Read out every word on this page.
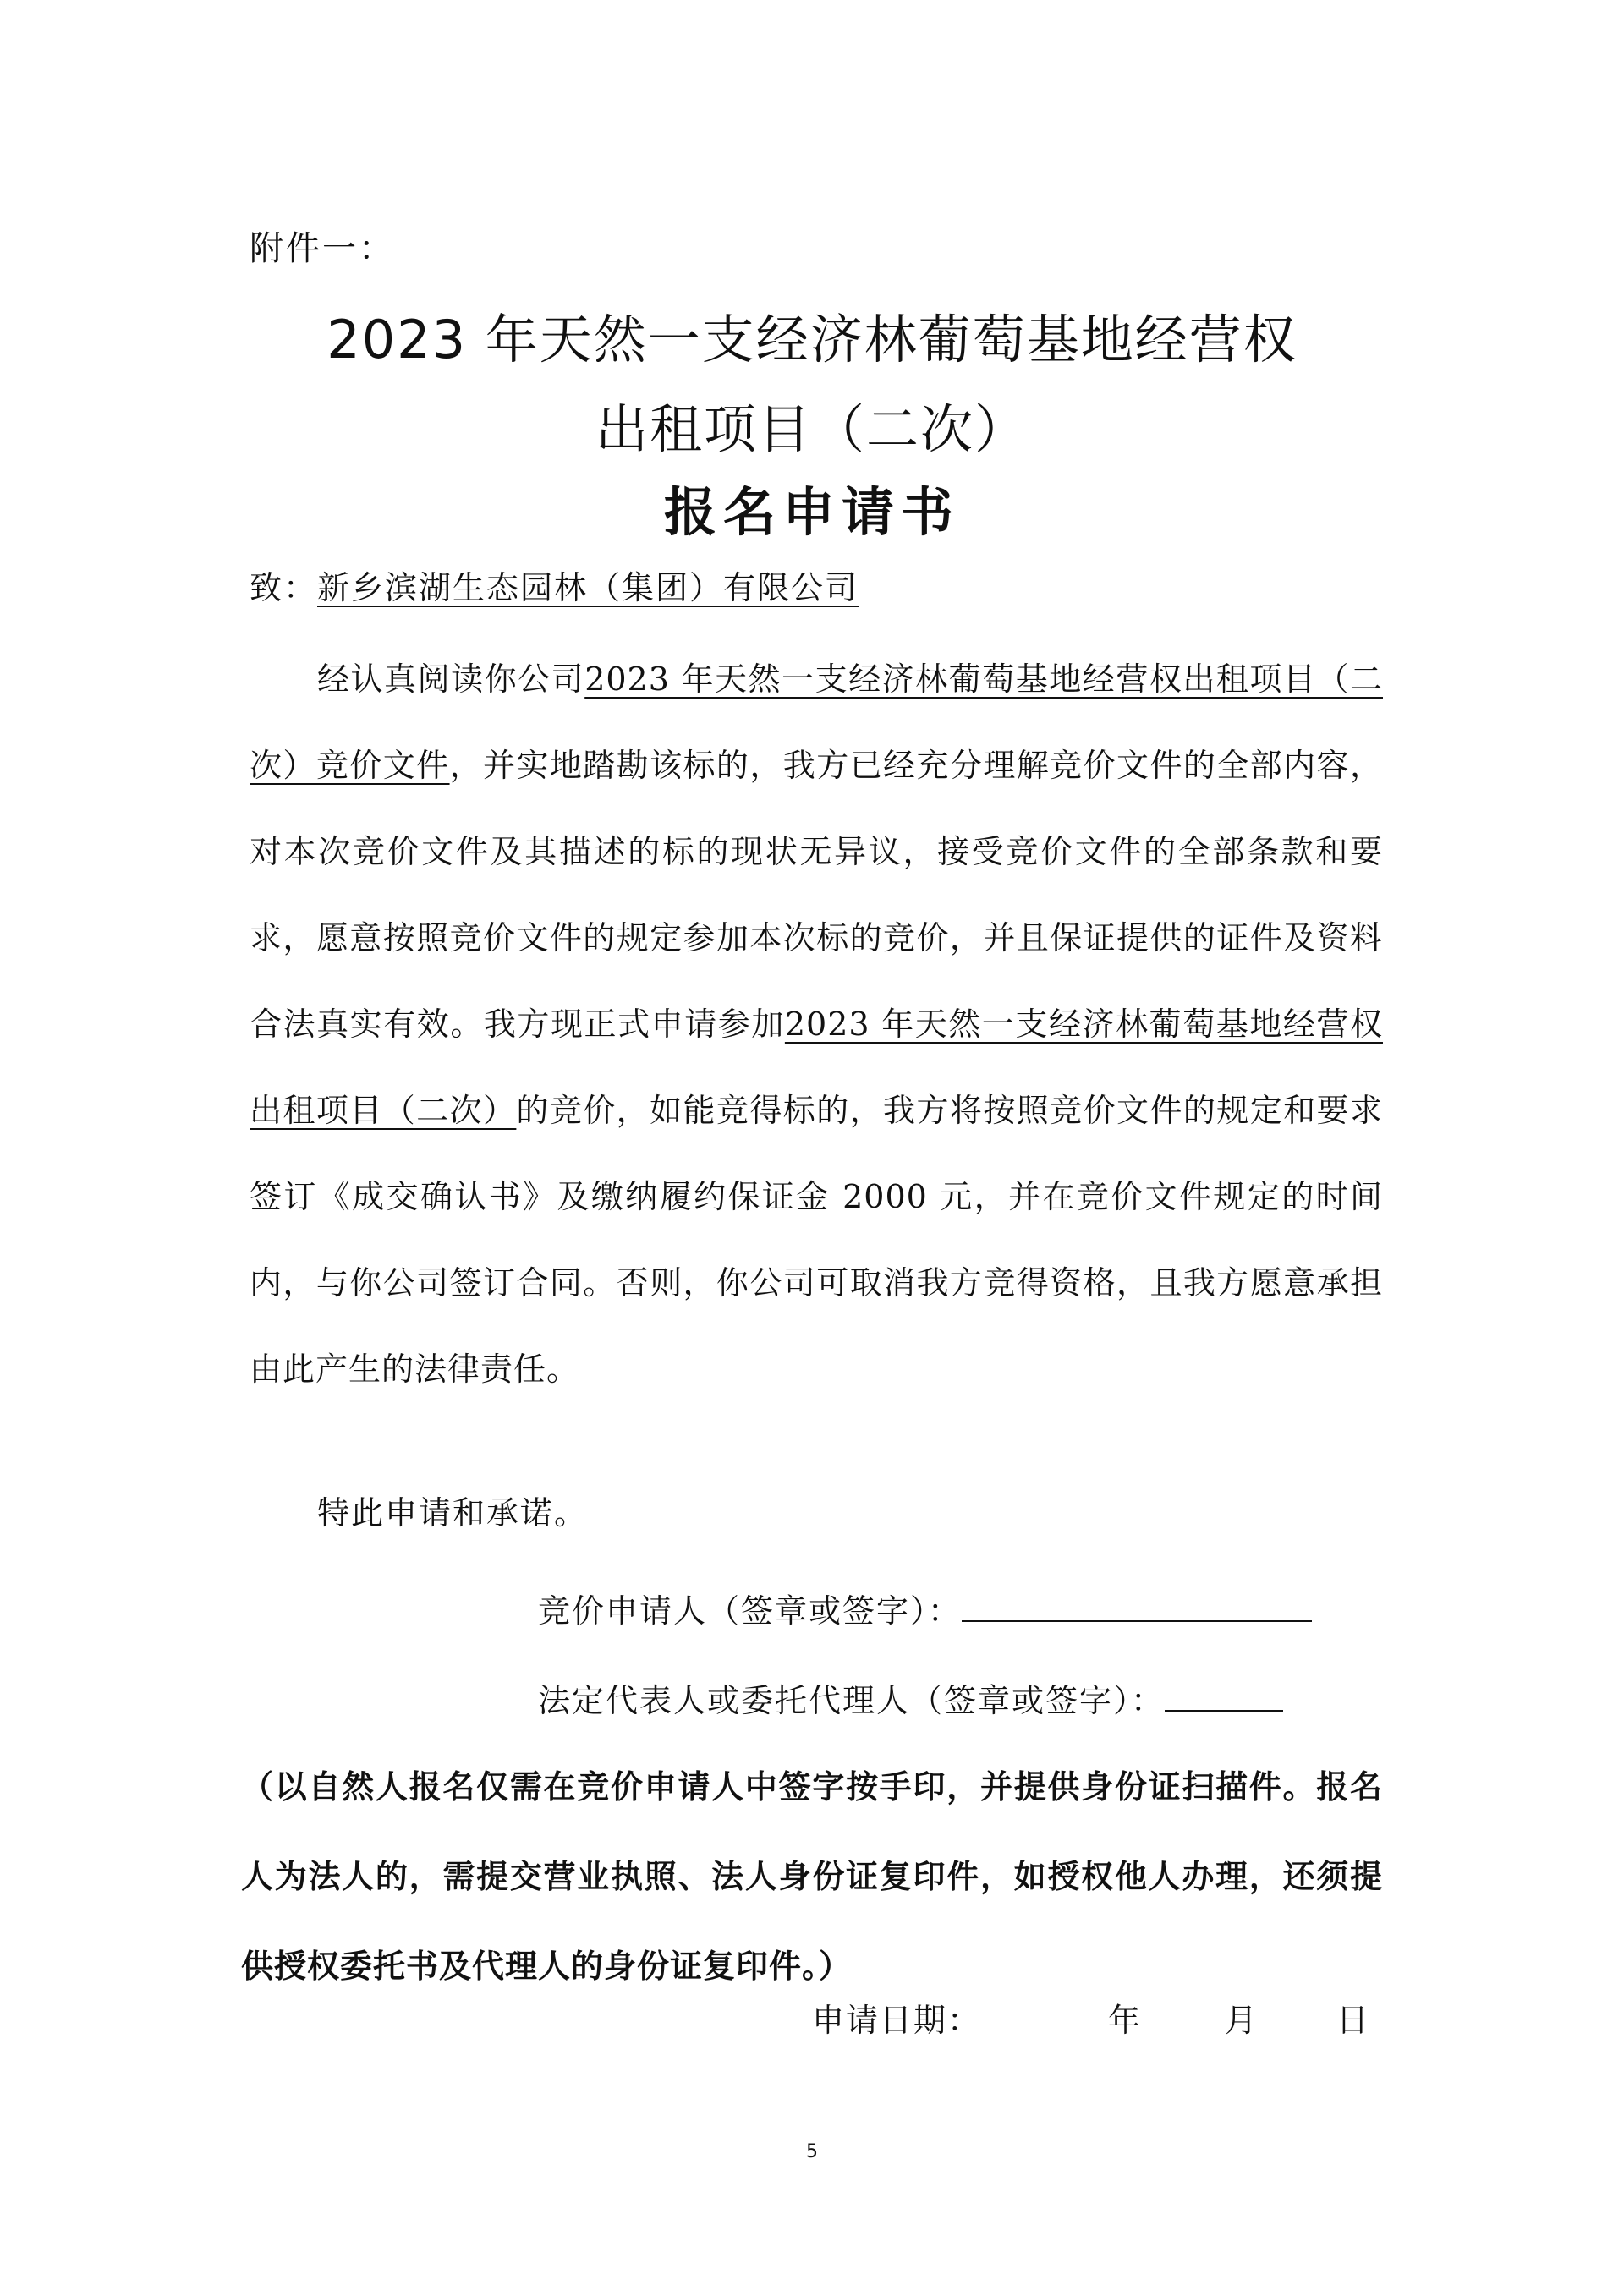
附件一：
2023 年天然一支经济林葡萄基地经营权
出租项目（二次）
报名申请书
致：新乡滨湖生态园林（集团）有限公司
经认真阅读你公司2023 年天然一支经济林葡萄基地经营权出租项目（二次）竞价文件，并实地踏勘该标的，我方已经充分理解竞价文件的全部内容，对本次竞价文件及其描述的标的现状无异议，接受竞价文件的全部条款和要求，愿意按照竞价文件的规定参加本次标的竞价，并且保证提供的证件及资料合法真实有效。我方现正式申请参加2023 年天然一支经济林葡萄基地经营权出租项目（二次）的竞价，如能竞得标的，我方将按照竞价文件的规定和要求签订《成交确认书》及缴纳履约保证金 2000 元，并在竞价文件规定的时间内，与你公司签订合同。否则，你公司可取消我方竞得资格，且我方愿意承担由此产生的法律责任。
特此申请和承诺。
竞价申请人（签章或签字）：
法定代表人或委托代理人（签章或签字）：
（以自然人报名仅需在竞价申请人中签字按手印，并提供身份证扫描件。报名人为法人的，需提交营业执照、法人身份证复印件，如授权他人办理，还须提供授权委托书及代理人的身份证复印件。）
申请日期：	年	月 日
5
